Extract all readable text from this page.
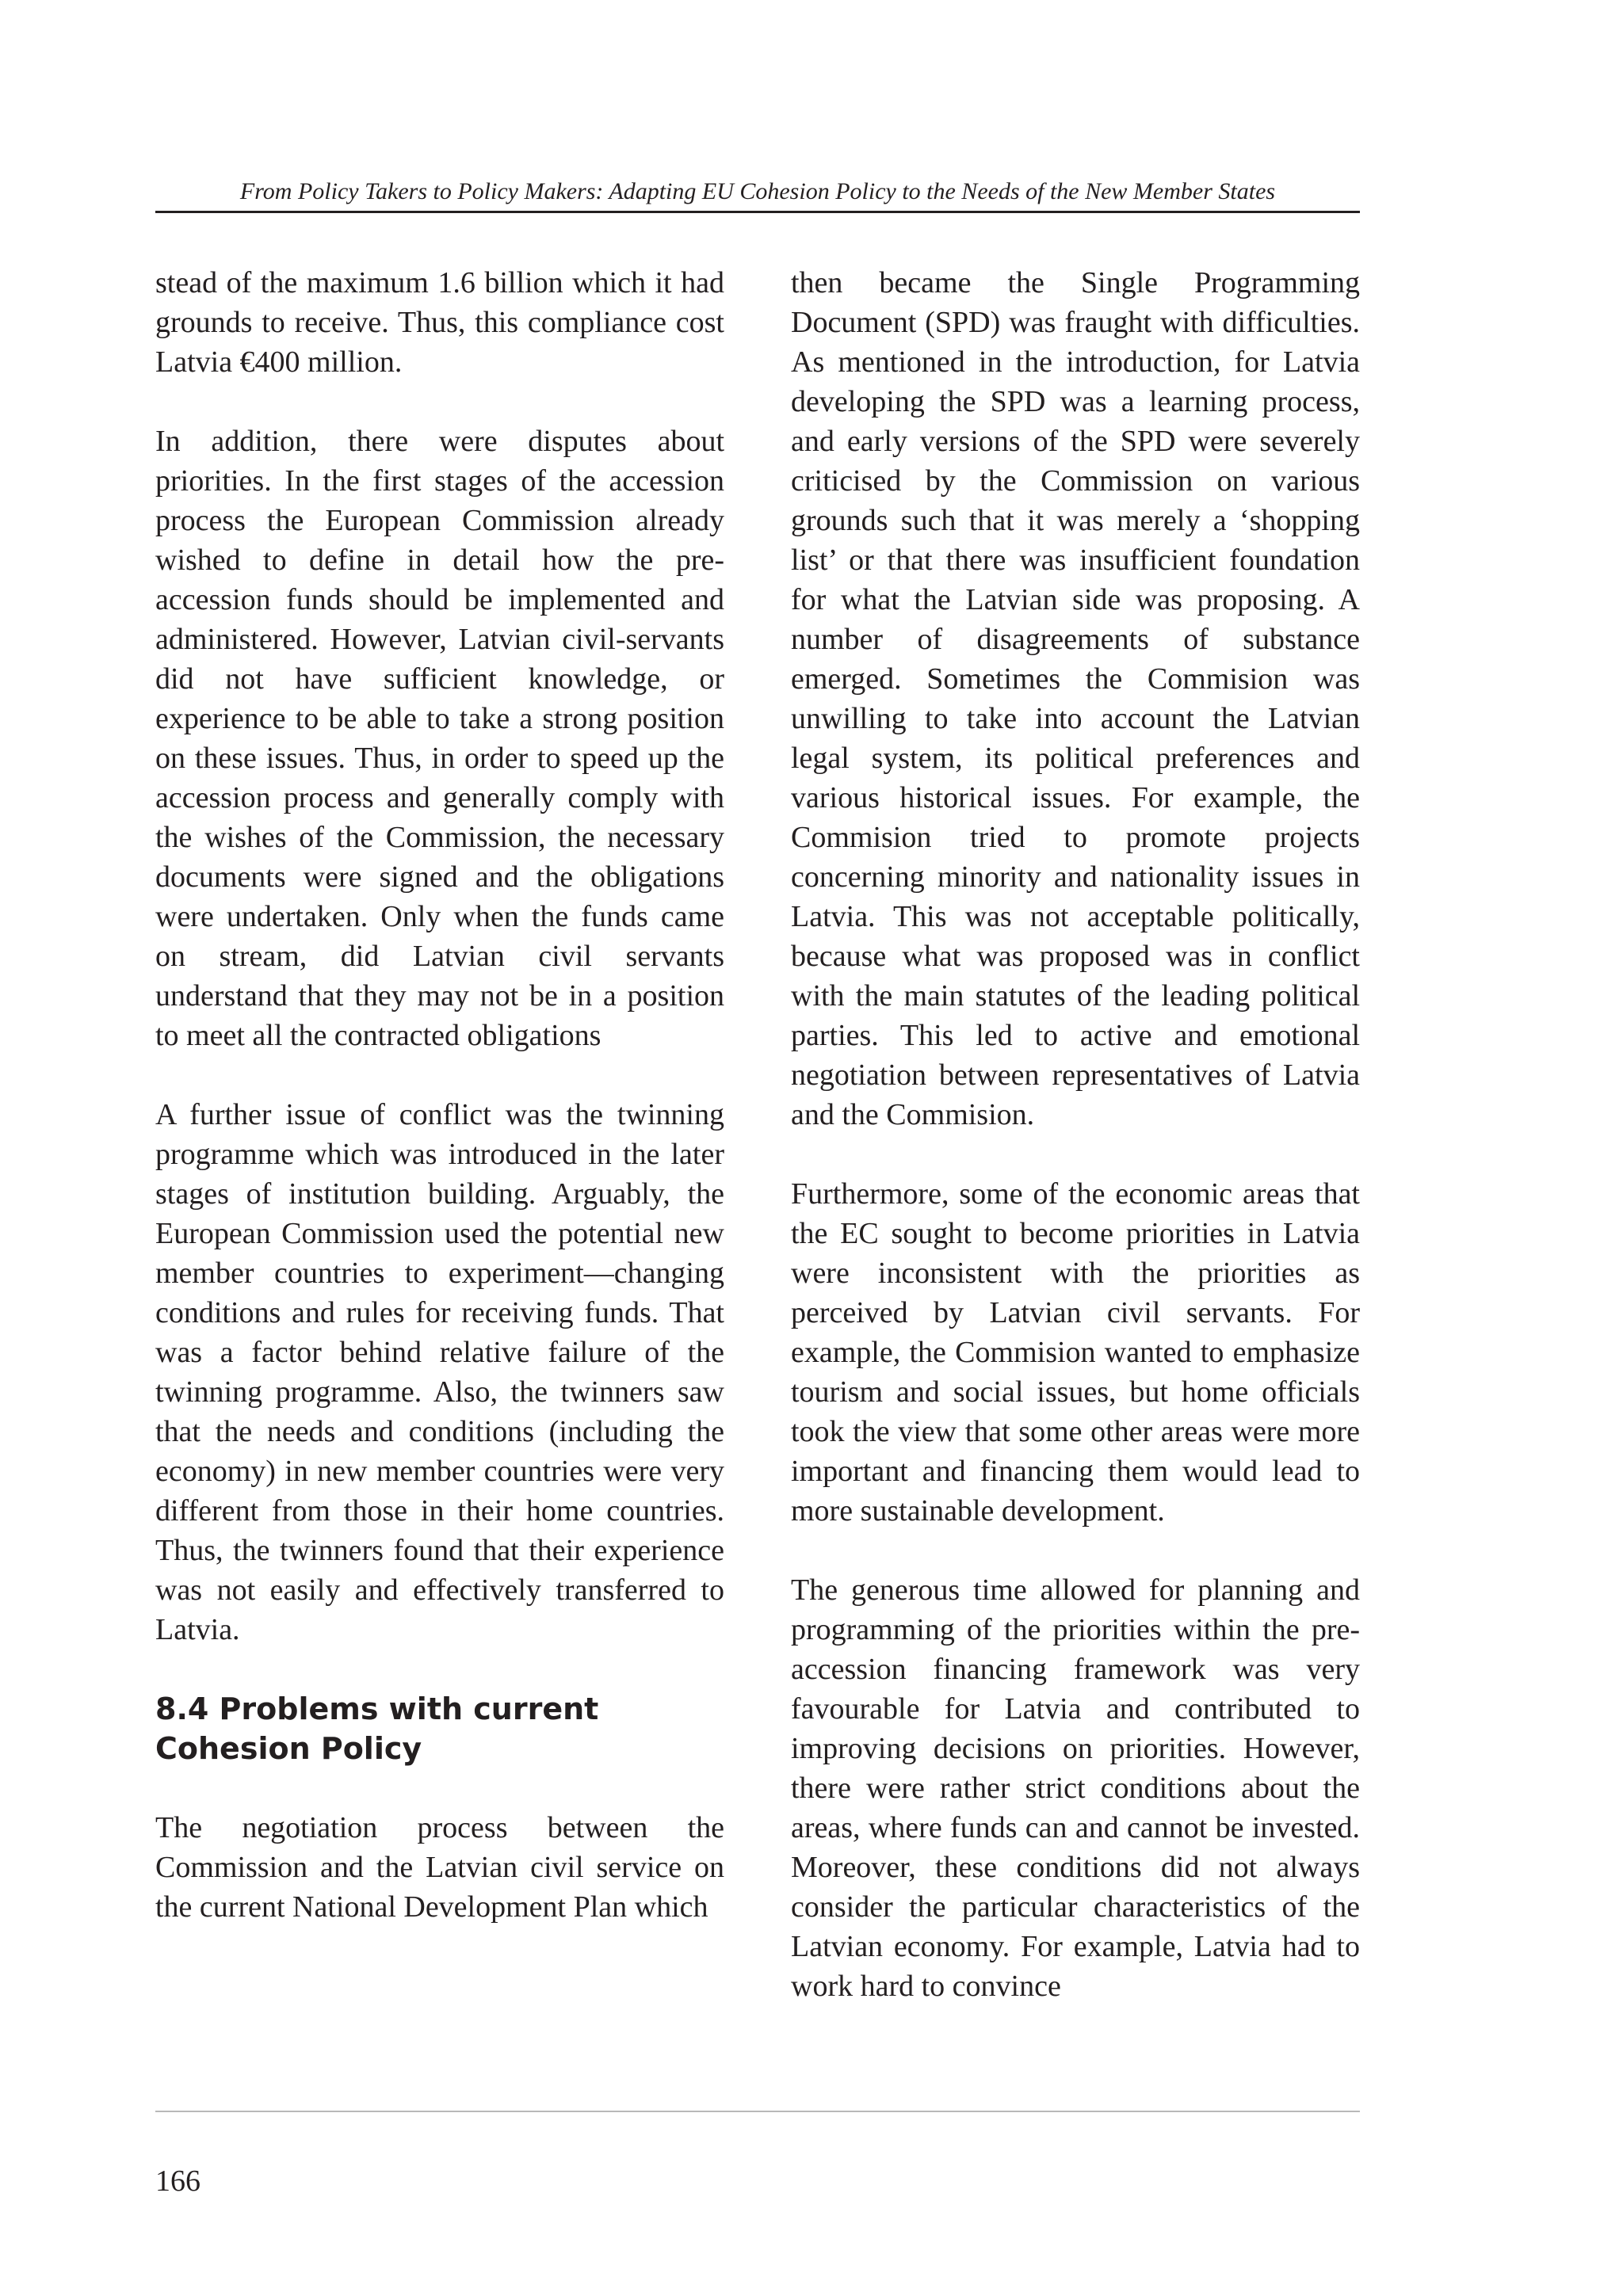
From Policy Takers to Policy Makers: Adapting EU Cohesion Policy to the Needs of the New Member States

stead of the maximum 1.6 billion which it had grounds to receive. Thus, this compliance cost Latvia €400 million.

In addition, there were disputes about priorities. In the first stages of the accession process the European Commission already wished to define in detail how the pre-accession funds should be implemented and administered. However, Latvian civil-servants did not have sufficient knowledge, or experience to be able to take a strong position on these issues. Thus, in order to speed up the accession process and generally comply with the wishes of the Commission, the necessary documents were signed and the obligations were undertaken. Only when the funds came on stream, did Latvian civil servants understand that they may not be in a position to meet all the contracted obligations

A further issue of conflict was the twinning programme which was introduced in the later stages of institution building. Arguably, the European Commission used the potential new member countries to experiment—changing conditions and rules for receiving funds. That was a factor behind relative failure of the twinning programme. Also, the twinners saw that the needs and conditions (including the economy) in new member countries were very different from those in their home countries. Thus, the twinners found that their experience was not easily and effectively transferred to Latvia.

8.4 Problems with current Cohesion Policy

The negotiation process between the Commission and the Latvian civil service on the current National Development Plan which

then became the Single Programming Document (SPD) was fraught with difficulties. As mentioned in the introduction, for Latvia developing the SPD was a learning process, and early versions of the SPD were severely criticised by the Commission on various grounds such that it was merely a ‘shopping list’ or that there was insufficient foundation for what the Latvian side was proposing. A number of disagreements of substance emerged. Sometimes the Commision was unwilling to take into account the Latvian legal system, its political preferences and various historical issues. For example, the Commision tried to promote projects concerning minority and nationality issues in Latvia. This was not acceptable politically, because what was proposed was in conflict with the main statutes of the leading political parties. This led to active and emotional negotiation between representatives of Latvia and the Commision.

Furthermore, some of the economic areas that the EC sought to become priorities in Latvia were inconsistent with the priorities as perceived by Latvian civil servants. For example, the Commision wanted to emphasize tourism and social issues, but home officials took the view that some other areas were more important and financing them would lead to more sustainable development.

The generous time allowed for planning and programming of the priorities within the pre-accession financing framework was very favourable for Latvia and contributed to improving decisions on priorities. However, there were rather strict conditions about the areas, where funds can and cannot be invested. Moreover, these conditions did not always consider the particular characteristics of the Latvian economy. For example, Latvia had to work hard to convince

166
